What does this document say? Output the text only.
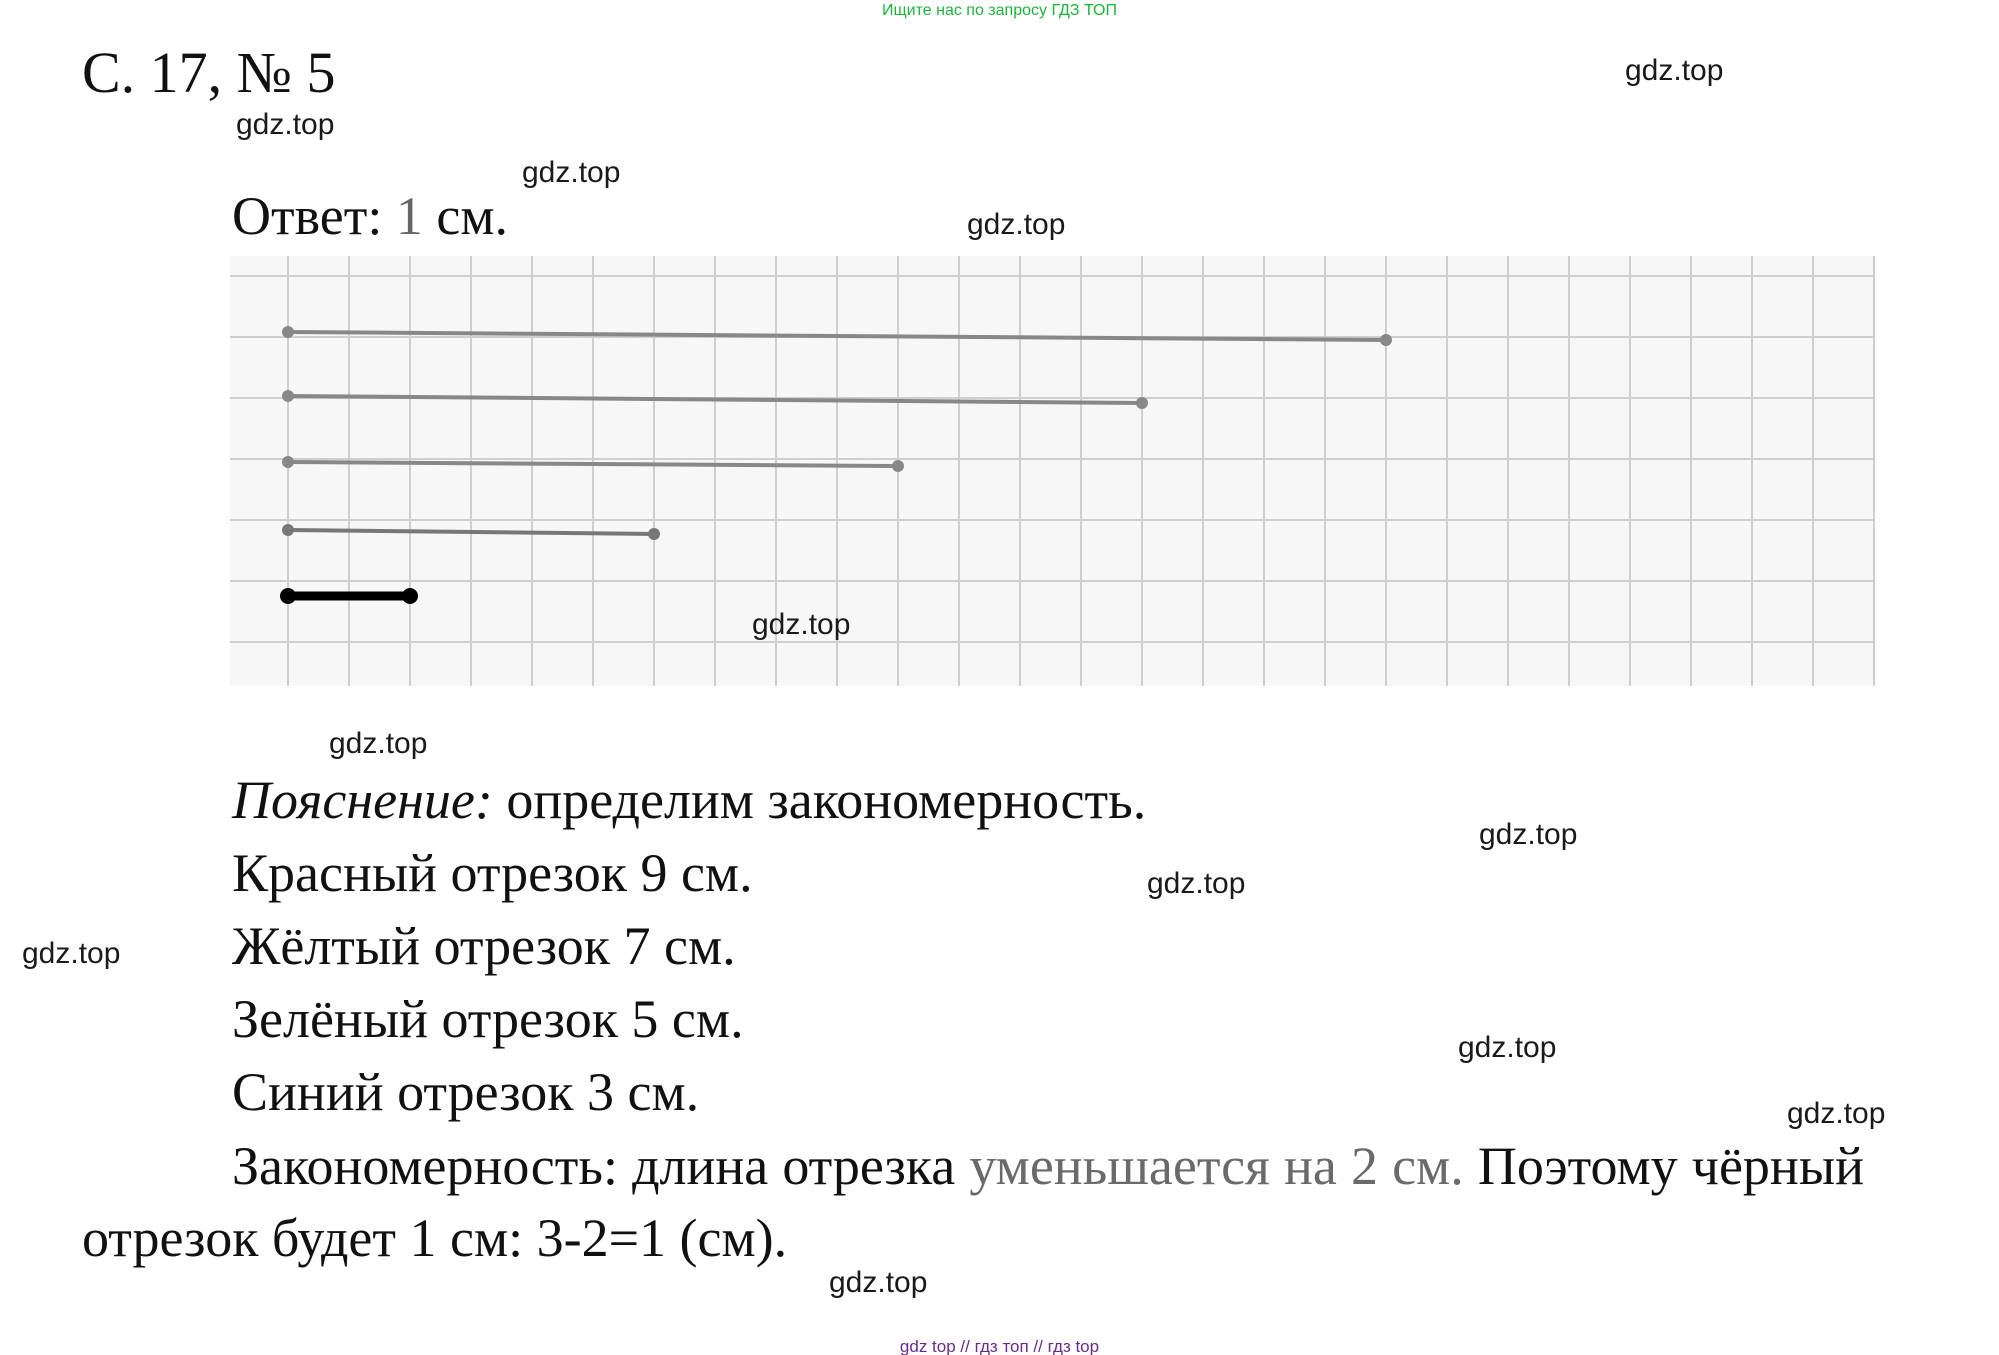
Ищите нас по запросу ГДЗ ТОП
С. 17, № 5
Ответ: 1 см.
Пояснение: определим закономерность.
Красный отрезок 9 см.
Жёлтый отрезок 7 см.
Зелёный отрезок 5 см.
Синий отрезок 3 см.
Закономерность: длина отрезка уменьшается на 2 см. Поэтому чёрный отрезок будет 1 см: 3-2=1 (см).
gdz.top
gdz.top
gdz.top
gdz.top
gdz.top
gdz.top
gdz.top
gdz.top
gdz.top
gdz.top
gdz.top
gdz.top
gdz top // гдз топ // гдз top
